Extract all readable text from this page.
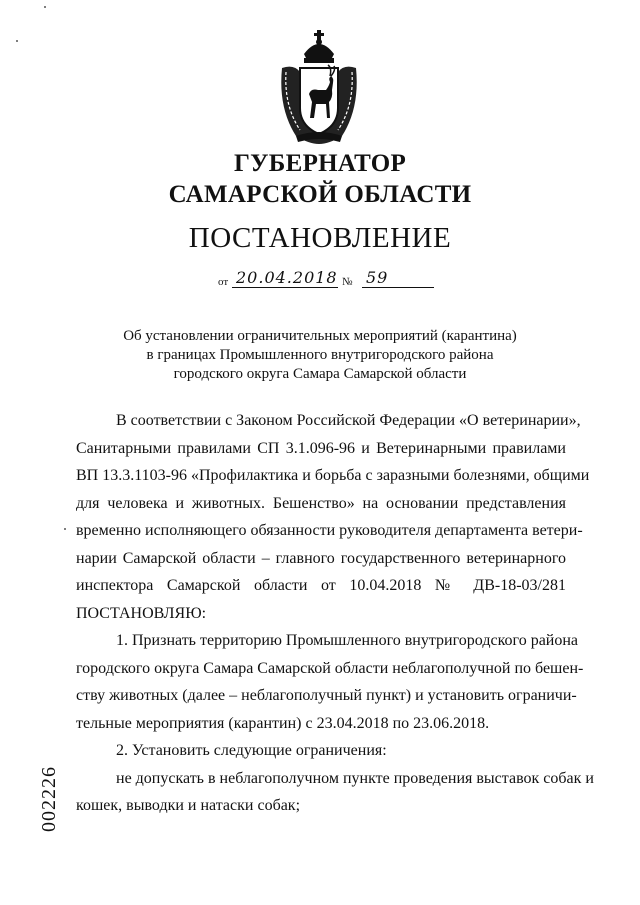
ГУБЕРНАТОР
САМАРСКОЙ ОБЛАСТИ
ПОСТАНОВЛЕНИЕ
от 20.04.2018 № 59
Об установлении ограничительных мероприятий (карантина)
в границах Промышленного внутригородского района
городского округа Самара Самарской области
В соответствии с Законом Российской Федерации «О ветеринарии»,
Санитарными правилами СП 3.1.096-96 и Ветеринарными правилами
ВП 13.3.1103-96 «Профилактика и борьба с заразными болезнями, общими
для человека и животных. Бешенство» на основании представления
временно исполняющего обязанности руководителя департамента ветери-
нарии Самарской области – главного государственного ветеринарного
инспектора Самарской области от 10.04.2018 № ДВ-18-03/281
ПОСТАНОВЛЯЮ:
1. Признать территорию Промышленного внутригородского района
городского округа Самара Самарской области неблагополучной по бешен-
ству животных (далее – неблагополучный пункт) и установить ограничи-
тельные мероприятия (карантин) с 23.04.2018 по 23.06.2018.
2. Установить следующие ограничения:
не допускать в неблагополучном пункте проведения выставок собак и
кошек, выводки и натаски собак;
002226
